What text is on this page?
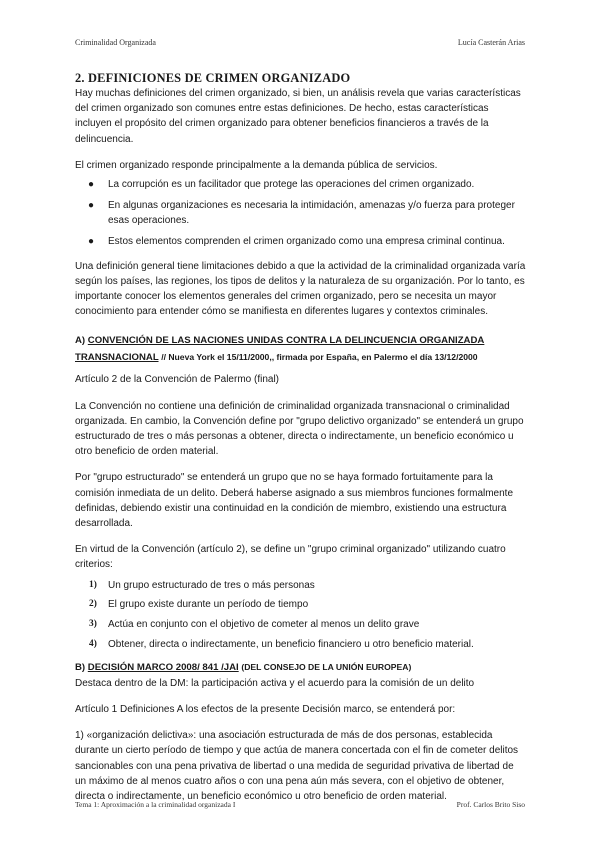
Criminalidad Organizada	Lucía Casterán Arias
2. DEFINICIONES DE CRIMEN ORGANIZADO

Hay muchas definiciones del crimen organizado, si bien, un análisis revela que varias características del crimen organizado son comunes entre estas definiciones. De hecho, estas características incluyen el propósito del crimen organizado para obtener beneficios financieros a través de la delincuencia.

El crimen organizado responde principalmente a la demanda pública de servicios.

● La corrupción es un facilitador que protege las operaciones del crimen organizado.
● En algunas organizaciones es necesaria la intimidación, amenazas y/o fuerza para proteger esas operaciones.
● Estos elementos comprenden el crimen organizado como una empresa criminal continua.

Una definición general tiene limitaciones debido a que la actividad de la criminalidad organizada varía según los países, las regiones, los tipos de delitos y la naturaleza de su organización. Por lo tanto, es importante conocer los elementos generales del crimen organizado, pero se necesita un mayor conocimiento para entender cómo se manifiesta en diferentes lugares y contextos criminales.

A) CONVENCIÓN DE LAS NACIONES UNIDAS CONTRA LA DELINCUENCIA ORGANIZADA TRANSNACIONAL // Nueva York el 15/11/2000,, firmada por España, en Palermo el día 13/12/2000

Artículo 2 de la Convención de Palermo (final)

La Convención no contiene una definición de criminalidad organizada transnacional o criminalidad organizada. En cambio, la Convención define por "grupo delictivo organizado" se entenderá un grupo estructurado de tres o más personas a obtener, directa o indirectamente, un beneficio económico u otro beneficio de orden material.

Por "grupo estructurado" se entenderá un grupo que no se haya formado fortuitamente para la comisión inmediata de un delito. Deberá haberse asignado a sus miembros funciones formalmente definidas, debiendo existir una continuidad en la condición de miembro, existiendo una estructura desarrollada.

En virtud de la Convención (artículo 2), se define un "grupo criminal organizado" utilizando cuatro criterios:

1) Un grupo estructurado de tres o más personas
2) El grupo existe durante un período de tiempo
3) Actúa en conjunto con el objetivo de cometer al menos un delito grave
4) Obtener, directa o indirectamente, un beneficio financiero u otro beneficio material.
B) DECISIÓN MARCO 2008/ 841 /JAI (DEL CONSEJO DE LA UNIÓN EUROPEA)

Destaca dentro de la DM: la participación activa y el acuerdo para la comisión de un delito

Artículo 1 Definiciones A los efectos de la presente Decisión marco, se entenderá por:

1) «organización delictiva»: una asociación estructurada de más de dos personas, establecida durante un cierto período de tiempo y que actúa de manera concertada con el fin de cometer delitos sancionables con una pena privativa de libertad o una medida de seguridad privativa de libertad de un máximo de al menos cuatro años o con una pena aún más severa, con el objetivo de obtener, directa o indirectamente, un beneficio económico u otro beneficio de orden material.

Tema 1: Aproximación a la criminalidad organizada I	Prof. Carlos Brito Siso
